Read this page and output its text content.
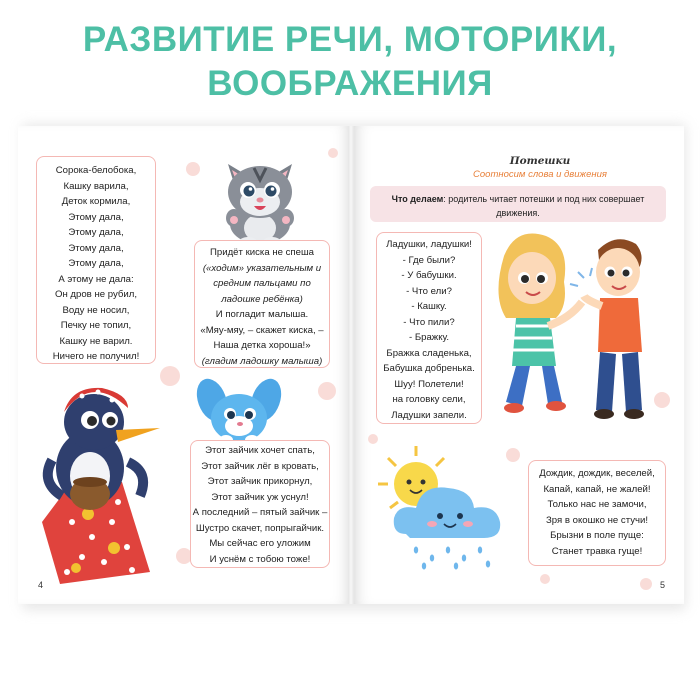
РАЗВИТИЕ РЕЧИ, МОТОРИКИ,
ВООБРАЖЕНИЯ
Сорока-белобока,
Кашку варила,
Деток кормила,
Этому дала,
Этому дала,
Этому дала,
Этому дала,
А этому не дала:
Он дров не рубил,
Воду не носил,
Печку не топил,
Кашку не варил.
Ничего не получил!
Придёт киска не спеша
(«ходим» указательным и
средним пальцами по
ладошке ребёнка)
И погладит малыша.
«Мяу-мяу, – скажет киска, –
Наша детка хороша!»
(гладим ладошку малыша)
Этот зайчик хочет спать,
Этот зайчик лёг в кровать,
Этот зайчик прикорнул,
Этот зайчик уж уснул!
А последний – пятый зайчик –
Шустро скачет, попрыгайчик.
Мы сейчас его уложим
И уснём с тобою тоже!
4
Потешки
Соотносим слова и движения
Что делаем: родитель читает потешки и под них совершает движения.
Ладушки, ладушки!
- Где были?
- У бабушки.
- Что ели?
- Кашку.
- Что пили?
- Бражку.
Бражка сладенька,
Бабушка добренька.
Шуу! Полетели!
на головку сели,
Ладушки запели.
Дождик, дождик, веселей,
Капай, капай, не жалей!
Только нас не замочи,
Зря в окошко не стучи!
Брызни в поле пуще:
Станет травка гуще!
5
